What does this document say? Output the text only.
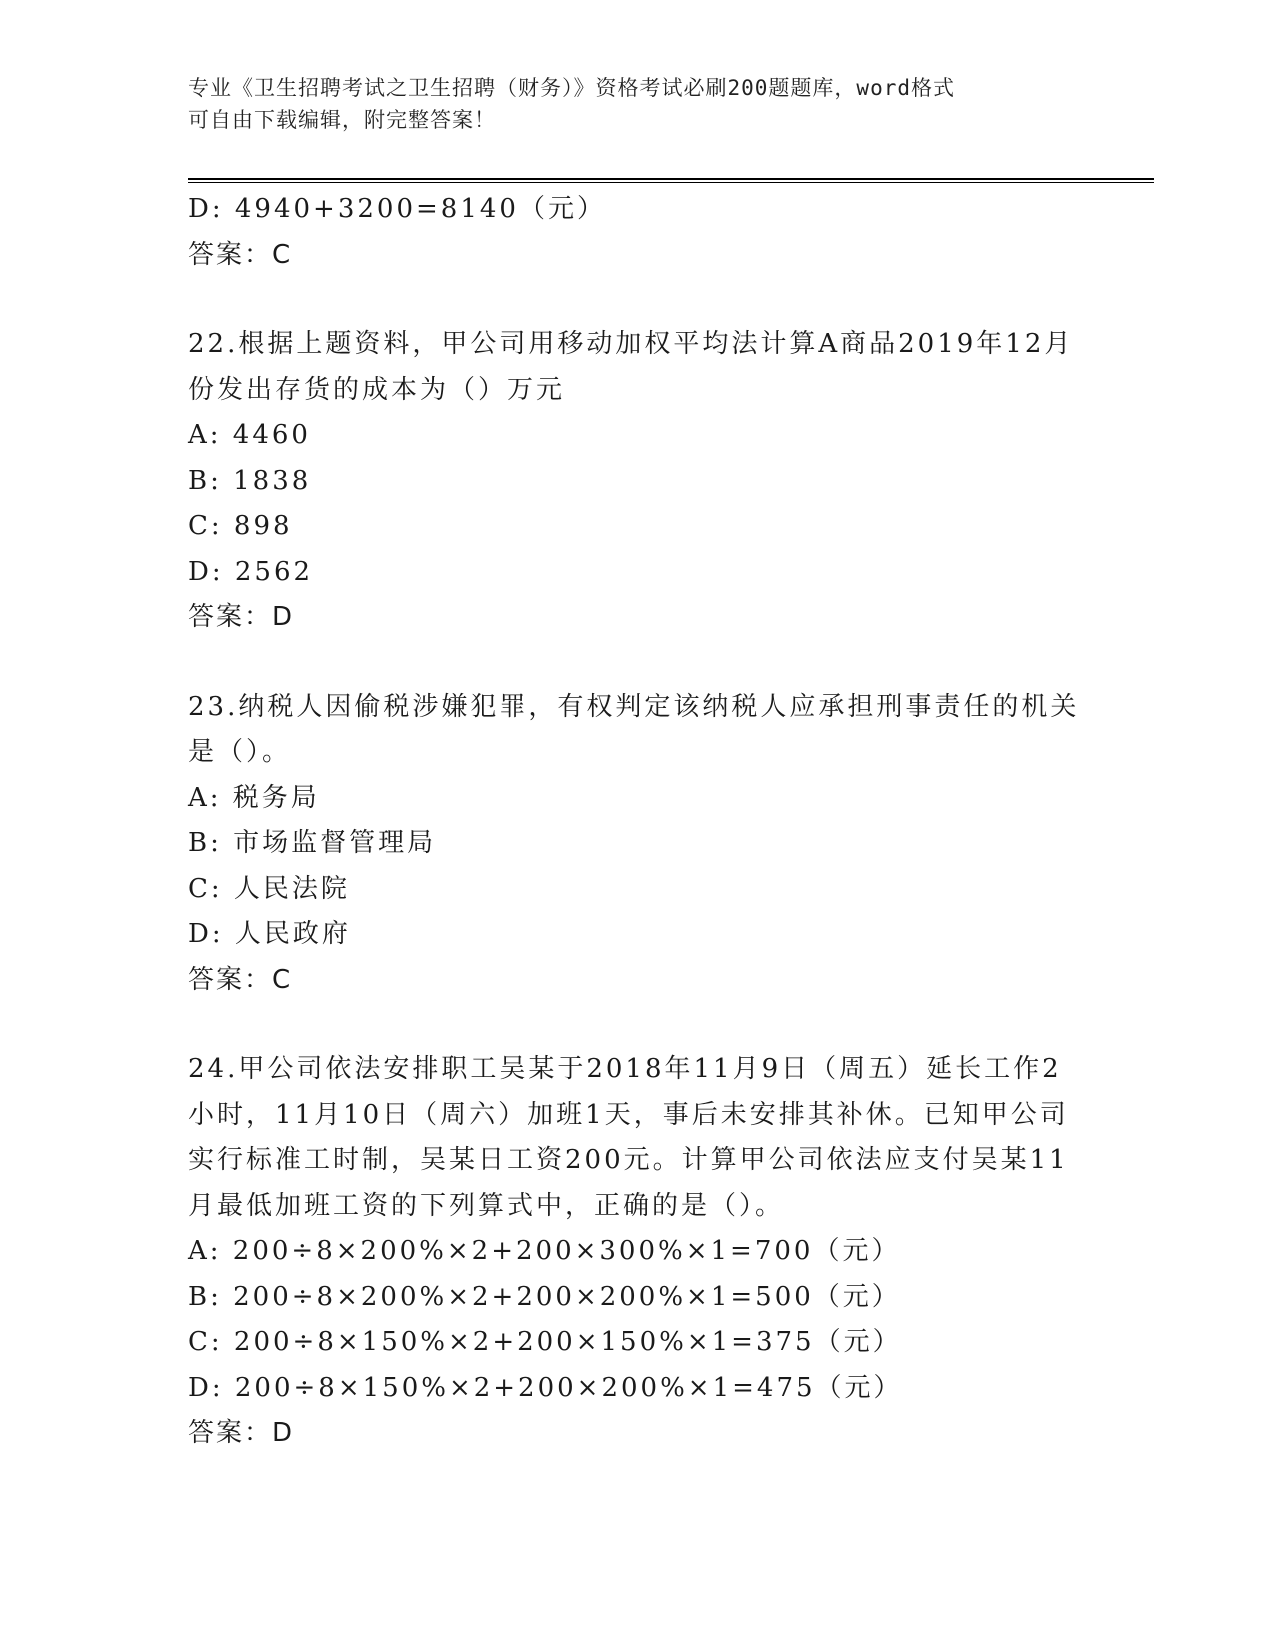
专业《卫生招聘考试之卫生招聘（财务）》资格考试必刷200题题库，word格式
可自由下载编辑，附完整答案！
D: 4940+3200=8140（元）
答案：C
22.根据上题资料，甲公司用移动加权平均法计算A商品2019年12月
份发出存货的成本为（）万元
A: 4460
B: 1838
C: 898
D: 2562
答案：D
23.纳税人因偷税涉嫌犯罪，有权判定该纳税人应承担刑事责任的机关
是（）。
A: 税务局
B: 市场监督管理局
C: 人民法院
D: 人民政府
答案：C
24.甲公司依法安排职工吴某于2018年11月9日（周五）延长工作2
小时，11月10日（周六）加班1天，事后未安排其补休。已知甲公司
实行标准工时制，吴某日工资200元。计算甲公司依法应支付吴某11
月最低加班工资的下列算式中，正确的是（）。
A: 200÷8×200%×2+200×300%×1=700（元）
B: 200÷8×200%×2+200×200%×1=500（元）
C: 200÷8×150%×2+200×150%×1=375（元）
D: 200÷8×150%×2+200×200%×1=475（元）
答案：D
